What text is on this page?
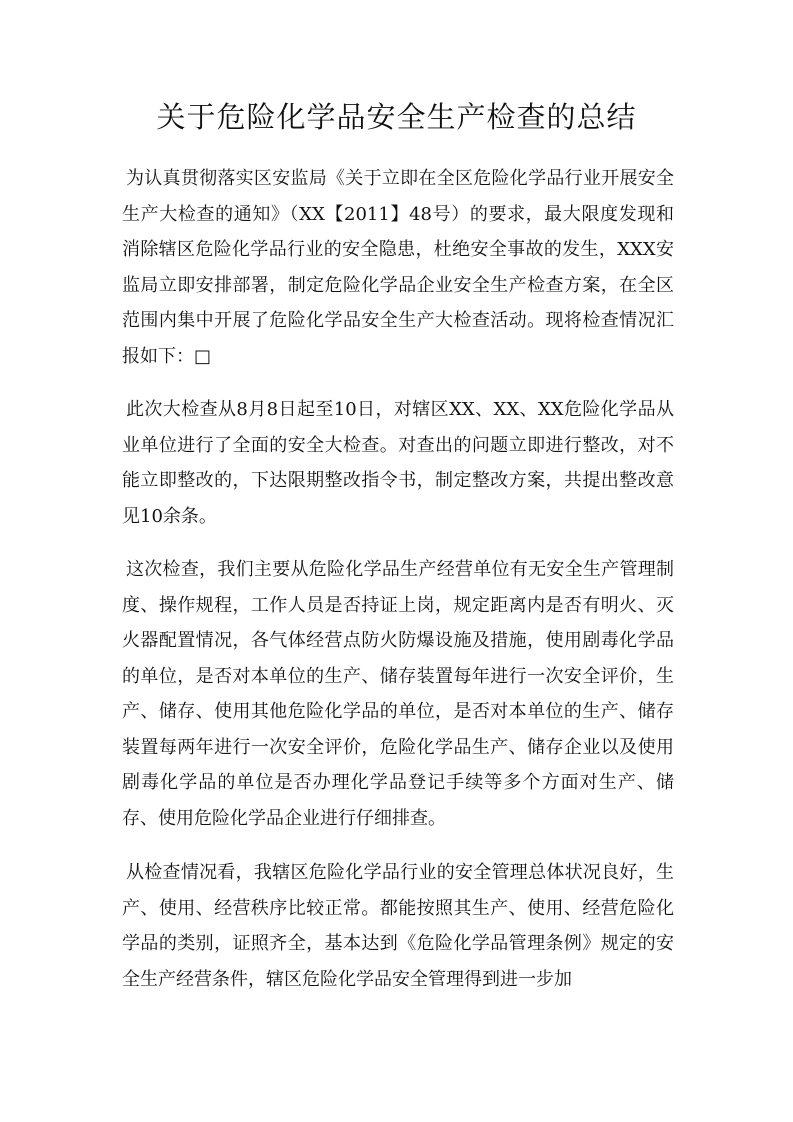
关于危险化学品安全生产检查的总结

为认真贯彻落实区安监局《关于立即在全区危险化学品行业开展安全生产大检查的通知》（XX【2011】48号）的要求，最大限度发现和消除辖区危险化学品行业的安全隐患，杜绝安全事故的发生，XXX安监局立即安排部署，制定危险化学品企业安全生产检查方案，在全区范围内集中开展了危险化学品安全生产大检查活动。现将检查情况汇报如下：□

此次大检查从8月8日起至10日，对辖区XX、XX、XX危险化学品从业单位进行了全面的安全大检查。对查出的问题立即进行整改，对不能立即整改的，下达限期整改指令书，制定整改方案，共提出整改意见10余条。

这次检查，我们主要从危险化学品生产经营单位有无安全生产管理制度、操作规程，工作人员是否持证上岗，规定距离内是否有明火、灭火器配置情况，各气体经营点防火防爆设施及措施，使用剧毒化学品的单位，是否对本单位的生产、储存装置每年进行一次安全评价，生产、储存、使用其他危险化学品的单位，是否对本单位的生产、储存装置每两年进行一次安全评价，危险化学品生产、储存企业以及使用剧毒化学品的单位是否办理化学品登记手续等多个方面对生产、储存、使用危险化学品企业进行仔细排查。

从检查情况看，我辖区危险化学品行业的安全管理总体状况良好，生产、使用、经营秩序比较正常。都能按照其生产、使用、经营危险化学品的类别，证照齐全，基本达到《危险化学品管理条例》规定的安全生产经营条件，辖区危险化学品安全管理得到进一步加
